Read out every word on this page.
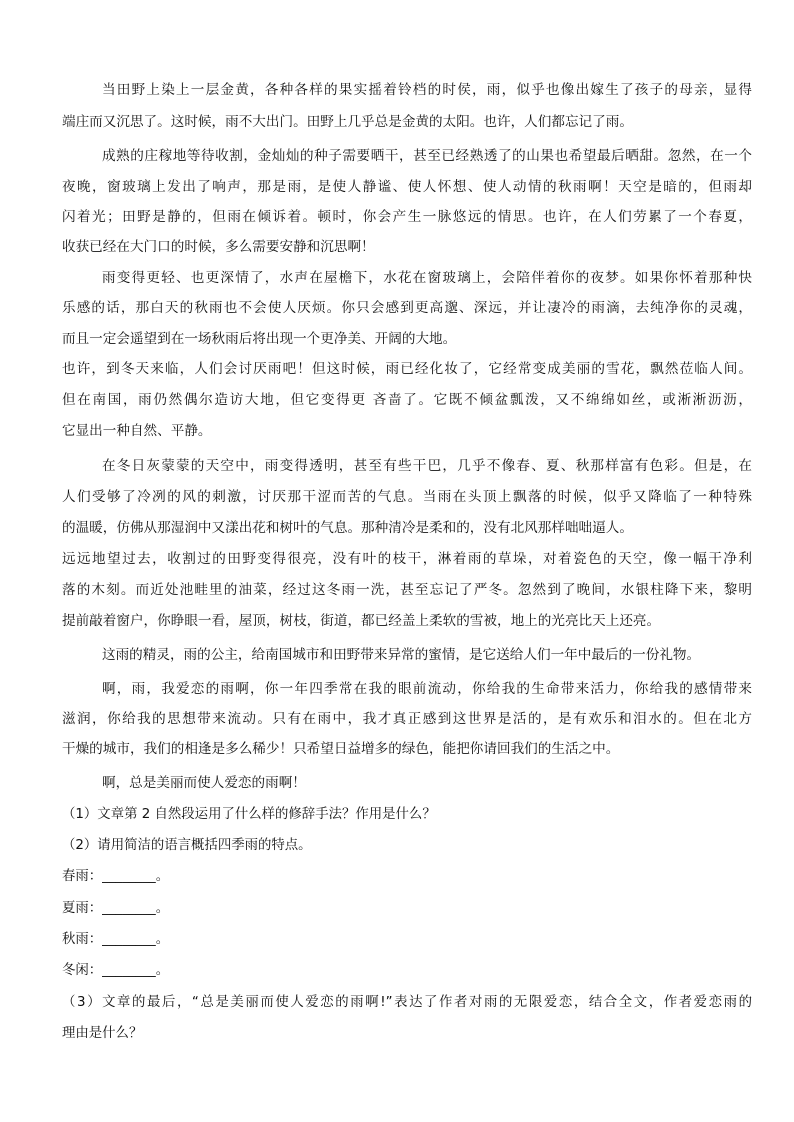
当田野上染上一层金黄，各种各样的果实摇着铃档的时侯，雨，似乎也像出嫁生了孩子的母亲，显得
端庄而又沉思了。这时候，雨不大出门。田野上几乎总是金黄的太阳。也许，人们都忘记了雨。
成熟的庄稼地等待收割，金灿灿的种子需要晒干，甚至已经熟透了的山果也希望最后晒甜。忽然，在一个
夜晚，窗玻璃上发出了响声，那是雨，是使人静谧、使人怀想、使人动情的秋雨啊！天空是暗的，但雨却
闪着光；田野是静的，但雨在倾诉着。顿时，你会产生一脉悠远的情思。也许，在人们劳累了一个春夏，
收获已经在大门口的时候，多么需要安静和沉思啊！
雨变得更轻、也更深情了，水声在屋檐下，水花在窗玻璃上，会陪伴着你的夜梦。如果你怀着那种快
乐感的话，那白天的秋雨也不会使人厌烦。你只会感到更高邈、深远，并让凄冷的雨滴，去纯净你的灵魂，
而且一定会遥望到在一场秋雨后将出现一个更净美、开阔的大地。
也许，到冬天来临，人们会讨厌雨吧！但这时候，雨已经化妆了，它经常变成美丽的雪花，飘然莅临人间。
但在南国，雨仍然偶尔造访大地，但它变得更 吝啬了。它既不倾盆瓢泼，又不绵绵如丝，或淅淅沥沥，
它显出一种自然、平静。
在冬日灰蒙蒙的天空中，雨变得透明，甚至有些干巴，几乎不像春、夏、秋那样富有色彩。但是，在
人们受够了冷冽的风的刺激，讨厌那干涩而苦的气息。当雨在头顶上飘落的时候，似乎又降临了一种特殊
的温暖，仿佛从那湿润中又漾出花和树叶的气息。那种清冷是柔和的，没有北风那样咄咄逼人。
远远地望过去，收割过的田野变得很亮，没有叶的枝干，淋着雨的草垛，对着瓷色的天空，像一幅干净利
落的木刻。而近处池畦里的油菜，经过这冬雨一洗，甚至忘记了严冬。忽然到了晚间，水银柱降下来，黎明
提前敲着窗户，你睁眼一看，屋顶，树枝，街道，都已经盖上柔软的雪被，地上的光亮比天上还亮。
这雨的精灵，雨的公主，给南国城市和田野带来异常的蜜情，是它送给人们一年中最后的一份礼物。
啊，雨，我爱恋的雨啊，你一年四季常在我的眼前流动，你给我的生命带来活力，你给我的感情带来
滋润，你给我的思想带来流动。只有在雨中，我才真正感到这世界是活的，是有欢乐和泪水的。但在北方
干燥的城市，我们的相逢是多么稀少！只希望日益增多的绿色，能把你请回我们的生活之中。
啊，总是美丽而使人爱恋的雨啊！
（1）文章第 2 自然段运用了什么样的修辞手法？作用是什么？
（2）请用简洁的语言概括四季雨的特点。
春雨：________。
夏雨：________。
秋雨：________。
冬闲：________。
（3）文章的最后，“总是美丽而使人爱恋的雨啊!”表达了作者对雨的无限爱恋，结合全文，作者爱恋雨的
理由是什么？
